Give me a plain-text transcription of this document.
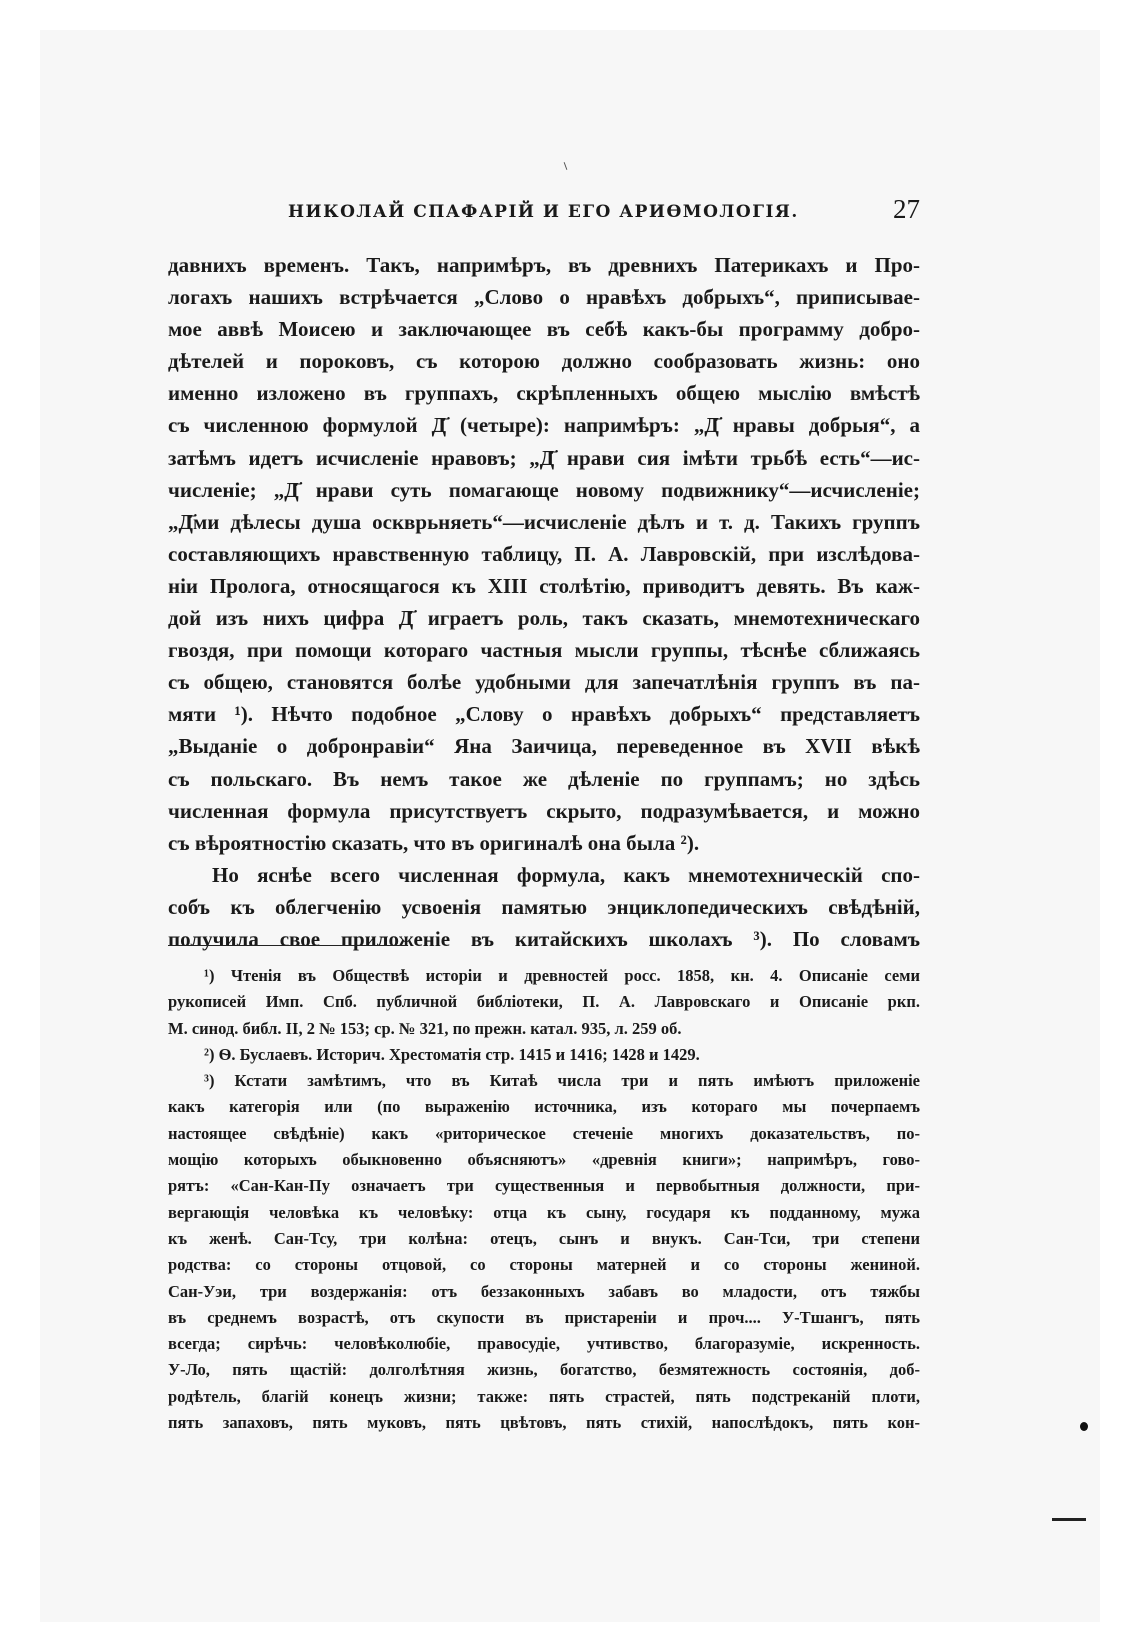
НИКОЛАЙ СПАФАРІЙ И ЕГО АРИѲМОЛОГІЯ.	27
давнихъ временъ. Такъ, напримѣръ, въ древнихъ Патерикахъ и Про-
логахъ нашихъ встрѣчается „Слово о нравѣхъ добрыхъ“, приписывае-
мое аввѣ Моисею и заключающее въ себѣ какъ-бы программу добро-
дѣтелей и пороковъ, съ которою должно сообразовать жизнь: оно
именно изложено въ группахъ, скрѣпленныхъ общею мыслію вмѣстѣ
съ численною формулой Д҃ (четыре): напримѣръ: „Д҃ нравы добрыя“, а
затѣмъ идетъ исчисленіе нравовъ; „Д҃ нрави сия імѣти трьбѣ есть“—ис-
численіе; „Д҃ нрави суть помагающе новому подвижнику“—исчисленіе;
„Д҃ми дѣлесы душа оскврьняеть“—исчисленіе дѣлъ и т. д. Такихъ группъ
составляющихъ нравственную таблицу, П. А. Лавровскій, при изслѣдова-
ніи Пролога, относящагося къ XIII столѣтію, приводитъ девять. Въ каж-
дой изъ нихъ цифра Д҃ играетъ роль, такъ сказать, мнемотехническаго
гвоздя, при помощи котораго частныя мысли группы, тѣснѣе сближаясь
съ общею, становятся болѣе удобными для запечатлѣнія группъ въ па-
мяти ¹). Нѣчто подобное „Слову о нравѣхъ добрыхъ“ представляетъ
„Выданіе о добронравіи“ Яна Заичица, переведенное въ XVII вѣкѣ
съ польскаго. Въ немъ такое же дѣленіе по группамъ; но здѣсь
численная формула присутствуетъ скрыто, подразумѣвается, и можно
съ вѣроятностію сказать, что въ оригиналѣ она была ²).
Но яснѣе всего численная формула, какъ мнемотехническій спо-
собъ къ облегченію усвоенія памятью энциклопедическихъ свѣдѣній,
получила свое приложеніе въ китайскихъ школахъ ³). По словамъ
¹) Чтенія въ Обществѣ исторіи и древностей росс. 1858, кн. 4. Описаніе семи
рукописей Имп. Спб. публичной библіотеки, П. А. Лавровскаго и Описаніе ркп.
М. синод. библ. II, 2 № 153; ср. № 321, по прежн. катал. 935, л. 259 об.
²) Ѳ. Буслаевъ. Историч. Хрестоматія стр. 1415 и 1416; 1428 и 1429.
³) Кстати замѣтимъ, что въ Китаѣ числа три и пять имѣютъ приложеніе
какъ категорія или (по выраженію источника, изъ котораго мы почерпаемъ
настоящее свѣдѣніе) какъ «риторическое стеченіе многихъ доказательствъ, по-
мощію которыхъ обыкновенно объясняютъ» «древнія книги»; напримѣръ, гово-
рятъ: «Сан-Кан-Пу означаетъ три существенныя и первобытныя должности, при-
вергающія человѣка къ человѣку: отца къ сыну, государя къ подданному, мужа
къ женѣ. Сан-Тсу, три колѣна: отецъ, сынъ и внукъ. Сан-Тси, три степени
родства: со стороны отцовой, со стороны матерней и со стороны жениной.
Сан-Уэи, три воздержанія: отъ беззаконныхъ забавъ во младости, отъ тяжбы
въ среднемъ возрастѣ, отъ скупости въ пристареніи и проч.... У-Тшангъ, пять
всегда; сирѣчь: человѣколюбіе, правосудіе, учтивство, благоразуміе, искренность.
У-Ло, пять щастій: долголѣтняя жизнь, богатство, безмятежность состоянія, доб-
родѣтель, благій конецъ жизни; также: пять страстей, пять подстреканій плоти,
пять запаховъ, пять муковъ, пять цвѣтовъ, пять стихій, напослѣдокъ, пять кон-
